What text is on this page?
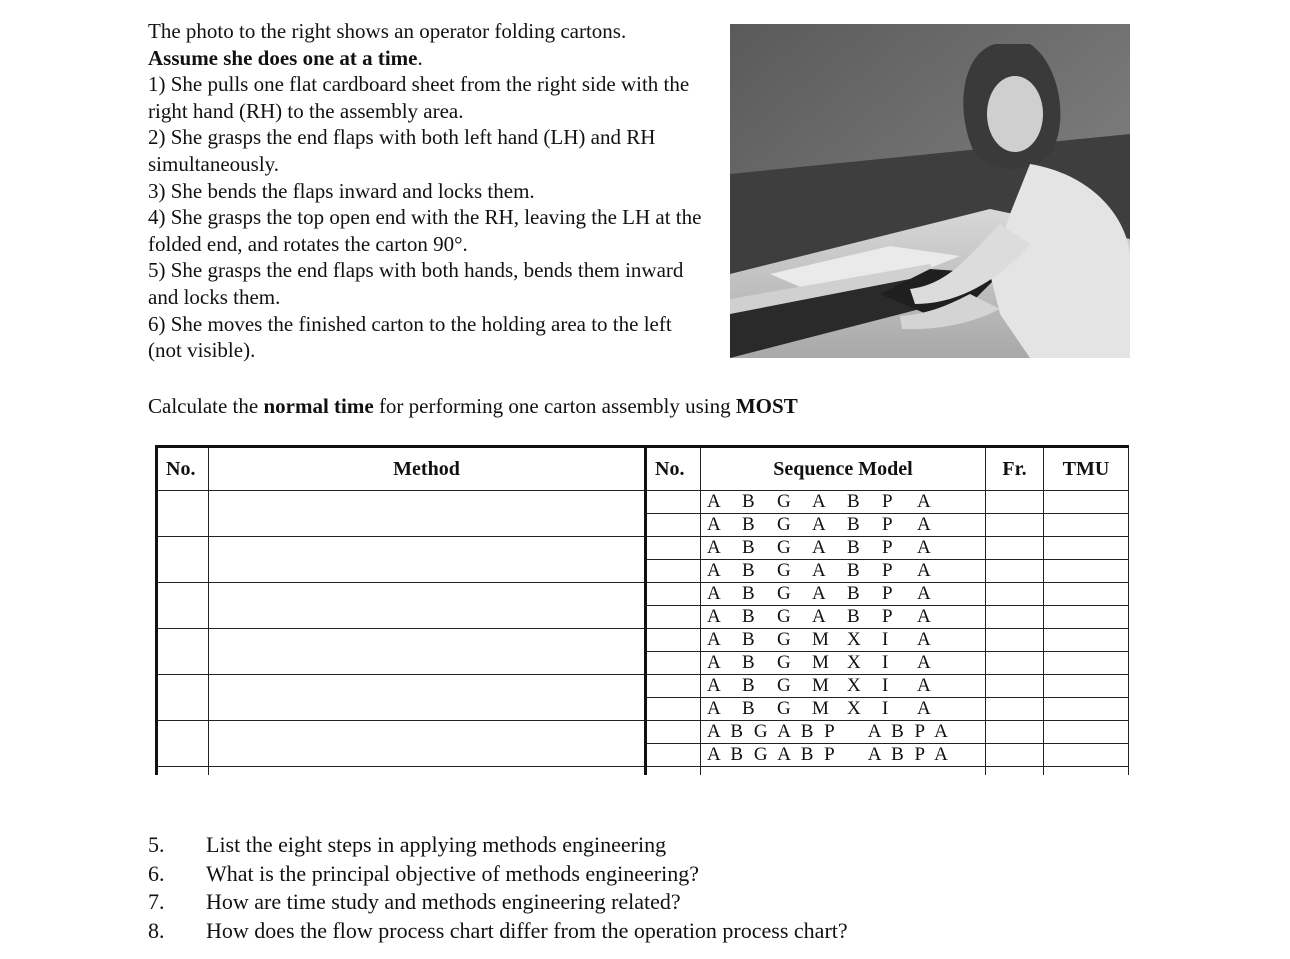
The photo to the right shows an operator folding cartons.

Assume she does one at a time.

1) She pulls one flat cardboard sheet from the right side with the right hand (RH) to the assembly area.

2) She grasps the end flaps with both left hand (LH) and RH simultaneously.

3) She bends the flaps inward and locks them.

4) She grasps the top open end with the RH, leaving the LH at the folded end, and rotates the carton 90°.

5) She grasps the end flaps with both hands, bends them inward and locks them.

6) She moves the finished carton to the holding area to the left (not visible).

Calculate the normal time for performing one carton assembly using MOST
No.	Method	No.	Sequence Model	Fr.	TMU
			A B G A B P A		
			A B G A B P A		
			A B G A B P A		
			A B G A B P A		
			A B G A B P A		
			A B G A B P A		
			A B G M X I A		
			A B G M X I A		
			A B G M X I A		
			A B G M X I A		
			A B G A B P A B P A		
			A B G A B P A B P A		

5.	List the eight steps in applying methods engineering
6.	What is the principal objective of methods engineering?
7.	How are time study and methods engineering related?
8.	How does the flow process chart differ from the operation process chart?
